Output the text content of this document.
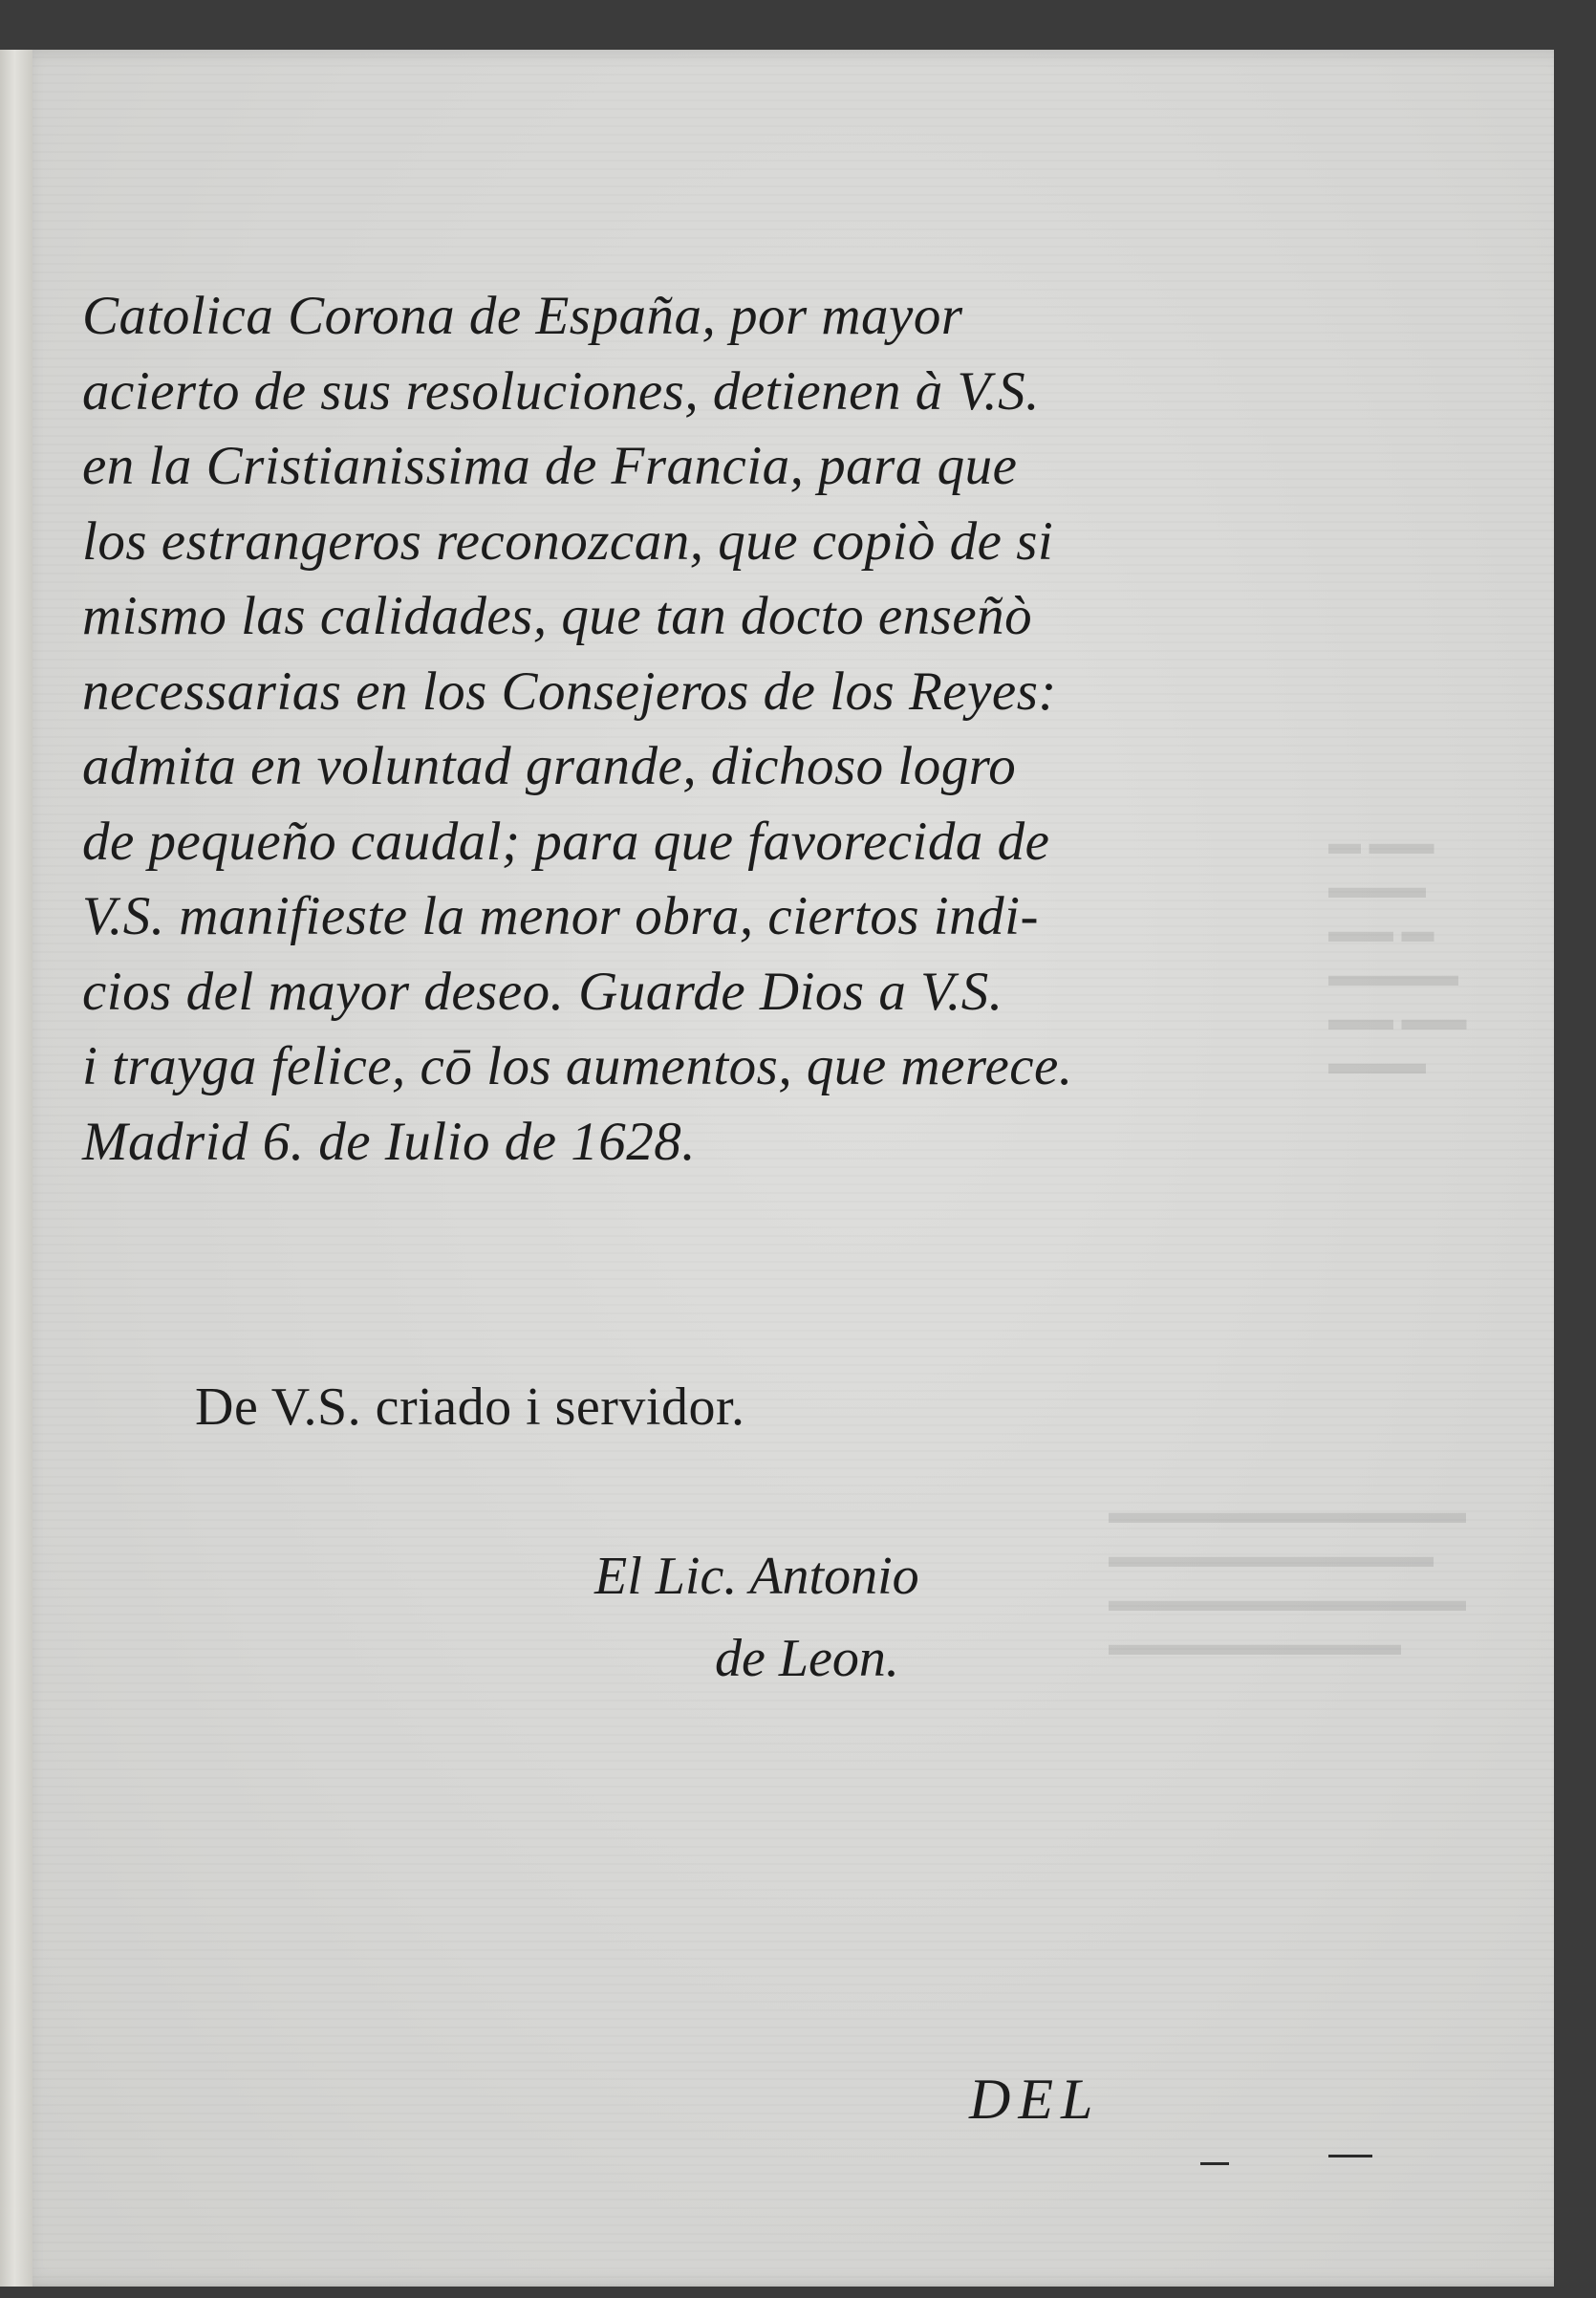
▬ ▬▬
▬▬▬
▬▬ ▬
▬▬▬▬
▬▬ ▬▬
▬▬▬
▬▬▬▬▬▬▬▬▬▬▬
▬▬▬▬▬▬▬▬▬▬
▬▬▬▬▬▬▬▬▬▬▬
▬▬▬▬▬▬▬▬▬
Catolica Corona de España, por mayor
acierto de sus resoluciones, detienen à V.S.
en la Cristianissima de Francia, para que
los estrangeros reconozcan, que copiò de si
mismo las calidades, que tan docto enseñò
necessarias en los Consejeros de los Reyes:
admita en voluntad grande, dichoso logro
de pequeño caudal; para que favorecida de
V.S. manifieste la menor obra, ciertos indi-
cios del mayor deseo. Guarde Dios a V.S.
i trayga felice, cō los aumentos, que merece.
Madrid 6. de Iulio de 1628.
De V.S. criado i servidor.
El Lic. Antonio
de Leon.
DEL
